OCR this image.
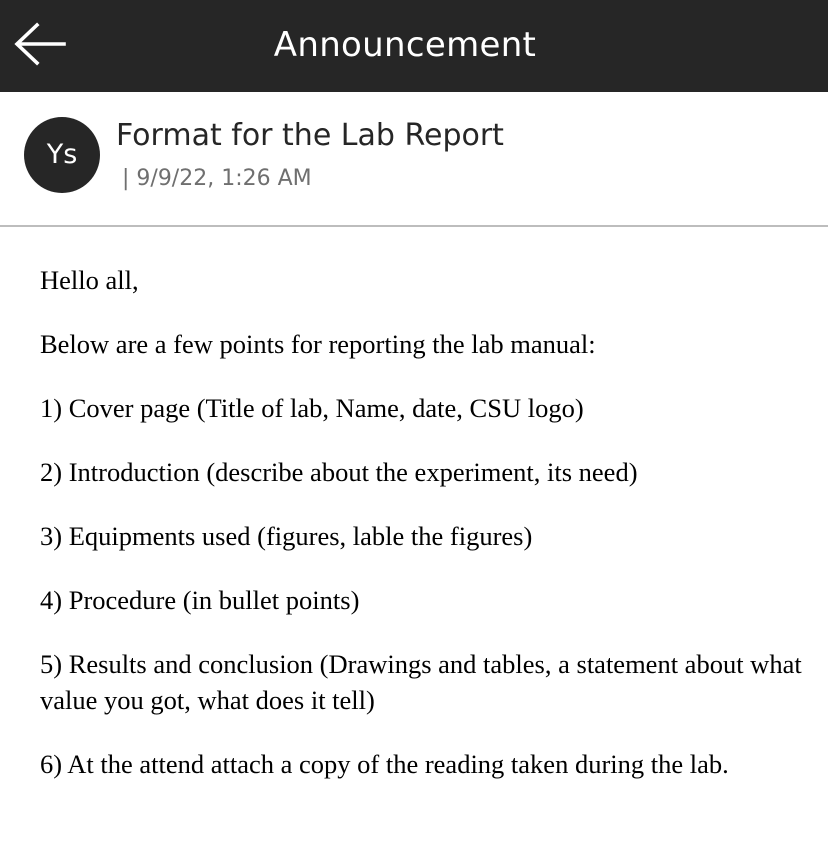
Announcement
Ys
Format for the Lab Report
| 9/9/22, 1:26 AM

Hello all,

Below are a few points for reporting the lab manual:

1) Cover page (Title of lab, Name, date, CSU logo)

2) Introduction (describe about the experiment, its need)

3) Equipments used (figures, lable the figures)

4) Procedure (in bullet points)

5) Results and conclusion (Drawings and tables, a statement about what value you got, what does it tell)

6) At the attend attach a copy of the reading taken during the lab.
